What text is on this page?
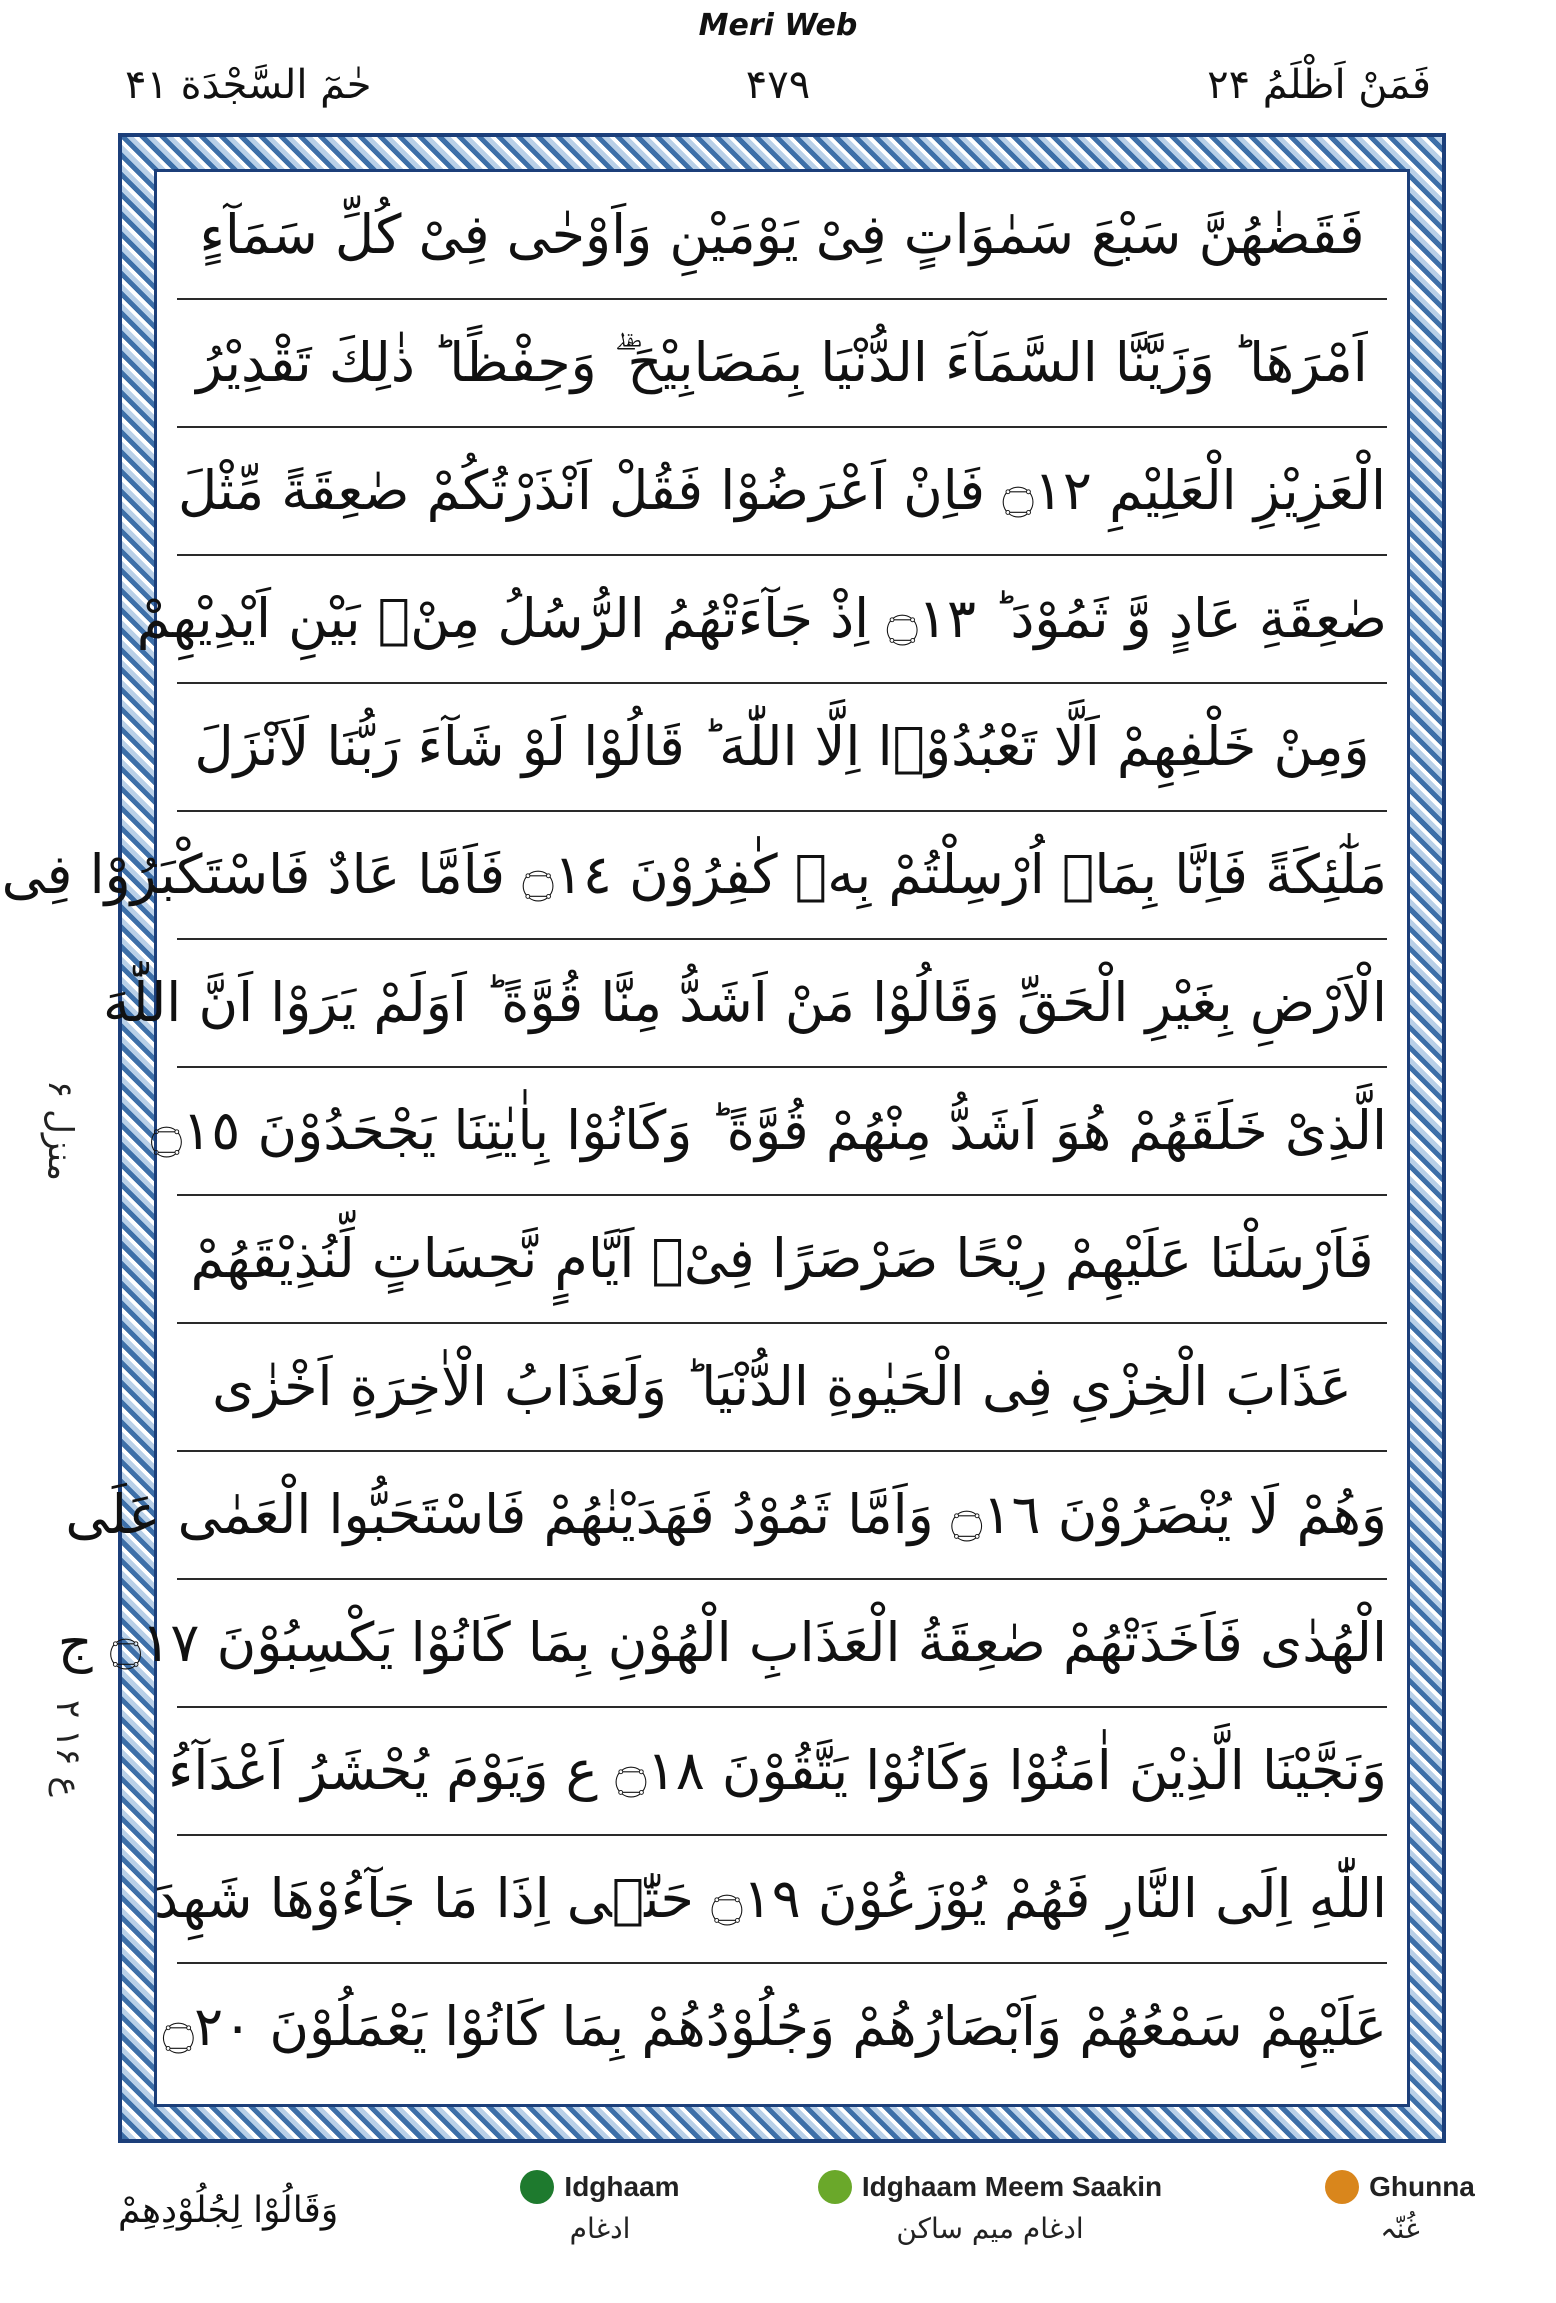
Meri Web
فَمَنْ اَظْلَمُ ۲۴
۴۷۹
حٰمٓ السَّجْدَة ۴۱
منزل ۶
ع ۱۶ ۲
فَقَضٰهُنَّ سَبْعَ سَمٰوَاتٍ فِیْ یَوْمَیْنِ وَاَوْحٰی فِیْ كُلِّ سَمَآءٍ
اَمْرَهَا ؕ وَزَیَّنَّا السَّمَآءَ الدُّنْیَا بِمَصَابِیْحَ ۖۗ وَحِفْظًا ؕ ذٰلِكَ تَقْدِیْرُ
الْعَزِیْزِ الْعَلِیْمِ ۝١٢ فَاِنْ اَعْرَضُوْا فَقُلْ اَنْذَرْتُكُمْ صٰعِقَةً مِّثْلَ
صٰعِقَةِ عَادٍ وَّ ثَمُوْدَ ؕ ۝١٣ اِذْ جَآءَتْهُمُ الرُّسُلُ مِنْۢ بَیْنِ اَیْدِیْهِمْ
وَمِنْ خَلْفِهِمْ اَلَّا تَعْبُدُوْۤا اِلَّا اللّٰهَ ؕ قَالُوْا لَوْ شَآءَ رَبُّنَا لَاَنْزَلَ
مَلٰٓئِكَةً فَاِنَّا بِمَاۤ اُرْسِلْتُمْ بِهٖ كٰفِرُوْنَ ۝١٤ فَاَمَّا عَادٌ فَاسْتَكْبَرُوْا فِی
الْاَرْضِ بِغَیْرِ الْحَقِّ وَقَالُوْا مَنْ اَشَدُّ مِنَّا قُوَّةً ؕ اَوَلَمْ یَرَوْا اَنَّ اللّٰهَ
الَّذِیْ خَلَقَهُمْ هُوَ اَشَدُّ مِنْهُمْ قُوَّةً ؕ وَكَانُوْا بِاٰیٰتِنَا یَجْحَدُوْنَ ۝١٥
فَاَرْسَلْنَا عَلَیْهِمْ رِیْحًا صَرْصَرًا فِیْۤ اَیَّامٍ نَّحِسَاتٍ لِّنُذِیْقَهُمْ
عَذَابَ الْخِزْیِ فِی الْحَیٰوةِ الدُّنْیَا ؕ وَلَعَذَابُ الْاٰخِرَةِ اَخْزٰی
وَهُمْ لَا یُنْصَرُوْنَ ۝١٦ وَاَمَّا ثَمُوْدُ فَهَدَیْنٰهُمْ فَاسْتَحَبُّوا الْعَمٰی عَلَی
الْهُدٰی فَاَخَذَتْهُمْ صٰعِقَةُ الْعَذَابِ الْهُوْنِ بِمَا كَانُوْا یَكْسِبُوْنَ ۝١٧ ج
وَنَجَّیْنَا الَّذِیْنَ اٰمَنُوْا وَكَانُوْا یَتَّقُوْنَ ۝١٨ ع وَیَوْمَ یُحْشَرُ اَعْدَآءُ
اللّٰهِ اِلَی النَّارِ فَهُمْ یُوْزَعُوْنَ ۝١٩ حَتّٰۤی اِذَا مَا جَآءُوْهَا شَهِدَ
عَلَیْهِمْ سَمْعُهُمْ وَاَبْصَارُهُمْ وَجُلُوْدُهُمْ بِمَا كَانُوْا یَعْمَلُوْنَ ۝٢٠
وَقَالُوْا لِجُلُوْدِهِمْ
Idghaam
ادغام
Idghaam Meem Saakin
ادغام میم ساکن
Ghunna
غُنّہ
